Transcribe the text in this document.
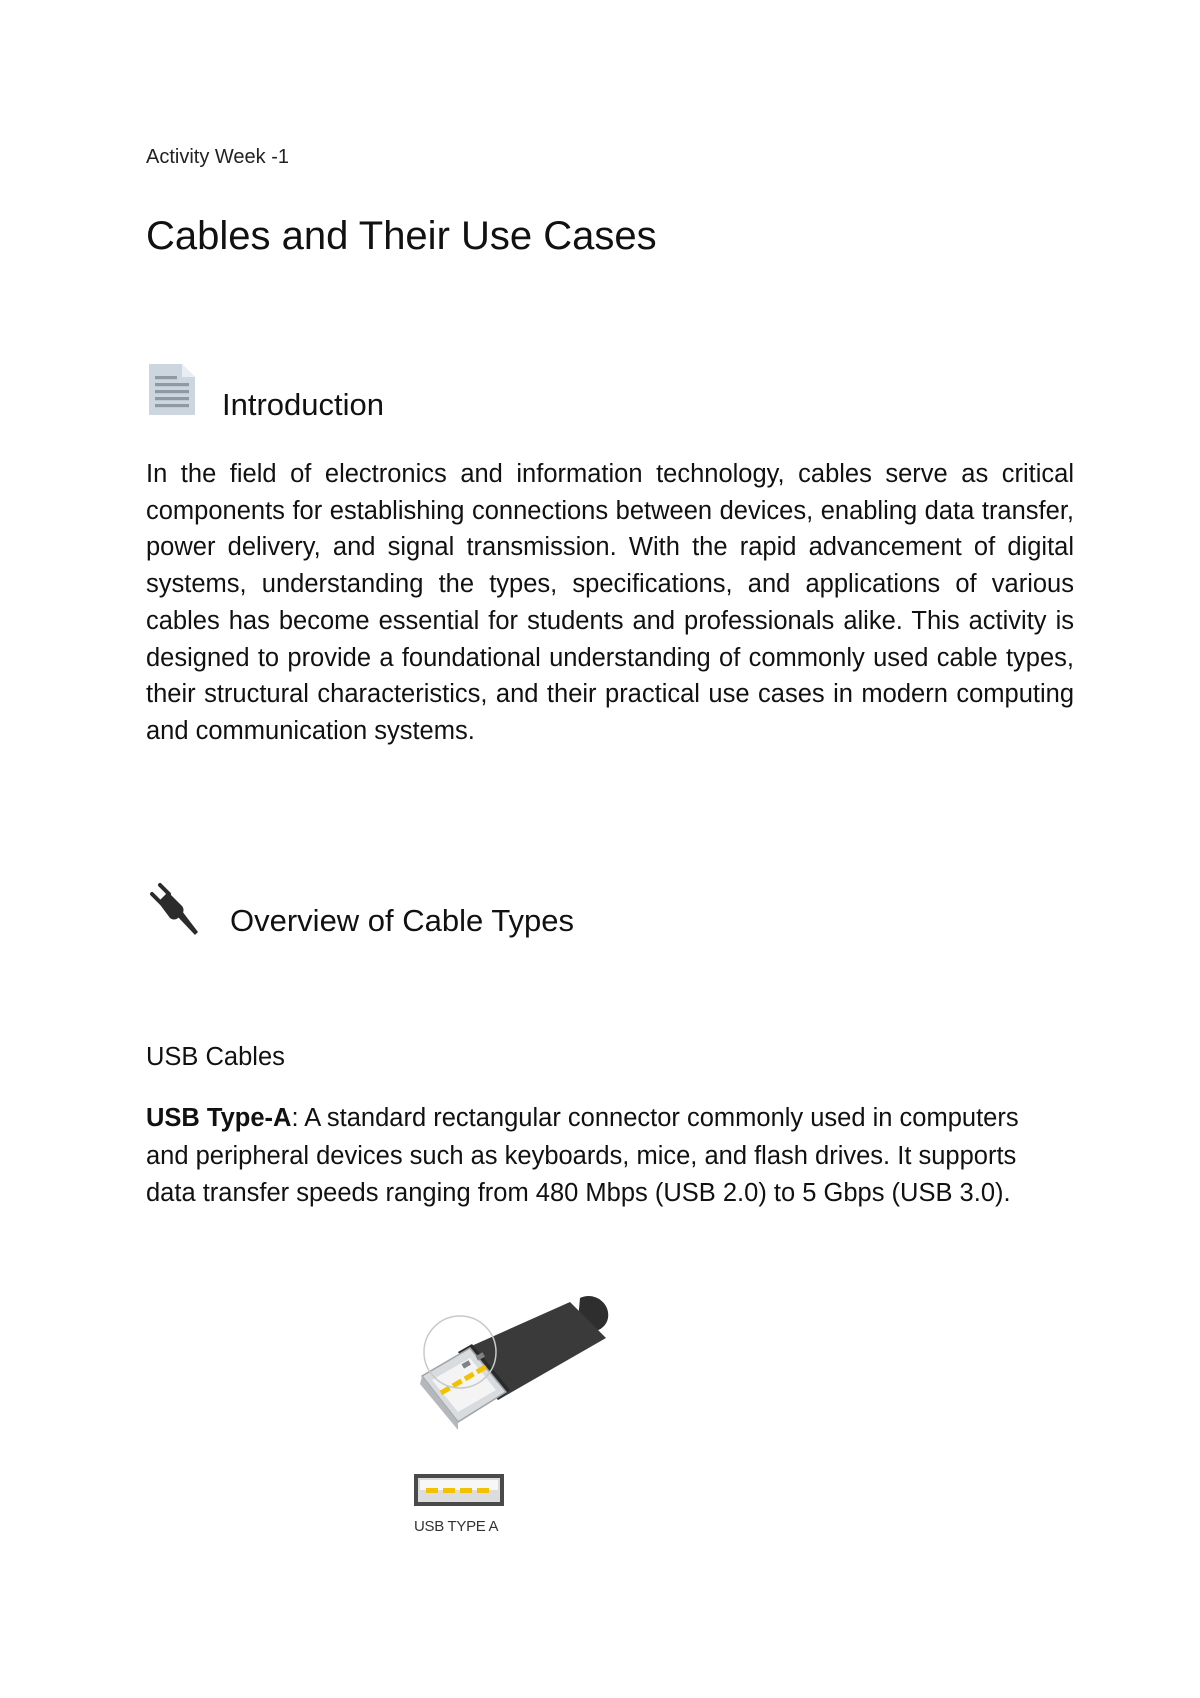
Activity Week -1
Cables and Their Use Cases
Introduction

In the field of electronics and information technology, cables serve as critical components for establishing connections between devices, enabling data transfer, power delivery, and signal transmission. With the rapid advancement of digital systems, understanding the types, specifications, and applications of various cables has become essential for students and professionals alike. This activity is designed to provide a foundational understanding of commonly used cable types, their structural characteristics, and their practical use cases in modern computing and communication systems.

Overview of Cable Types
USB Cables

USB Type-A: A standard rectangular connector commonly used in computers and peripheral devices such as keyboards, mice, and flash drives. It supports data transfer speeds ranging from 480 Mbps (USB 2.0) to 5 Gbps (USB 3.0).

USB TYPE A
